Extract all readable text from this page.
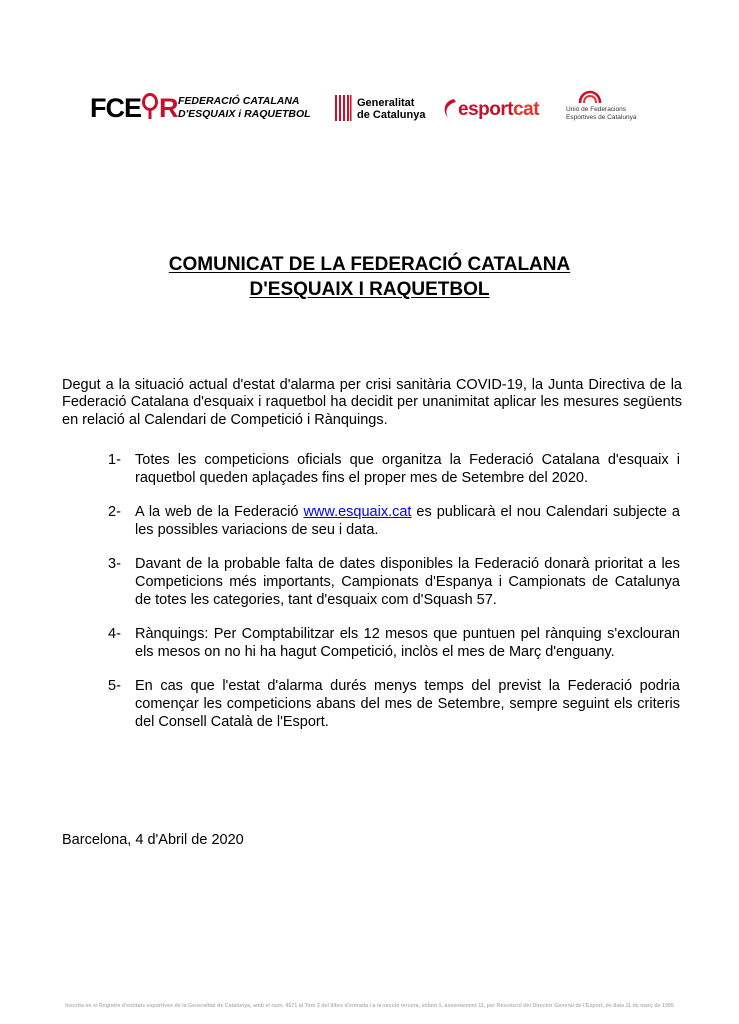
FCE R FEDERACIÓ CATALANA
D'ESQUAIX i RAQUETBOL
Generalitat
de Catalunya esportcat	Unió de Federacions
Esportives de Catalunya
COMUNICAT DE LA FEDERACIÓ CATALANA
D'ESQUAIX I RAQUETBOL

Degut a la situació actual d'estat d'alarma per crisi sanitària COVID-19, la Junta Directiva de la Federació Catalana d'esquaix i raquetbol ha decidit per unanimitat aplicar les mesures següents en relació al Calendari de Competició i Rànquings.

1- Totes les competicions oficials que organitza la Federació Catalana d'esquaix i raquetbol queden aplaçades fins el proper mes de Setembre del 2020.
2- A la web de la Federació www.esquaix.cat es publicarà el nou Calendari subjecte a les possibles variacions de seu i data.
3- Davant de la probable falta de dates disponibles la Federació donarà prioritat a les Competicions més importants, Campionats d'Espanya i Campionats de Catalunya de totes les categories, tant d'esquaix com d'Squash 57.
4- Rànquings: Per Comptabilitzar els 12 mesos que puntuen pel rànquing s'exclouran els mesos on no hi ha hagut Competició, inclòs el mes de Març d'enguany.
5- En cas que l'estat d'alarma durés menys temps del previst la Federació podria començar les competicions abans del mes de Setembre, sempre seguint els criteris del Consell Català de l'Esport.
Barcelona, 4 d'Abril de 2020
Inscrita en el Registre d'entitats esportives de la Generalitat de Catalunya, amb el núm. 4571 al Tom 3 del llibre d'entrada i a la secció tercera, volum 1, assentament 11, per Resolució del Director General de l'Esport, de data 11 de març de 1995
